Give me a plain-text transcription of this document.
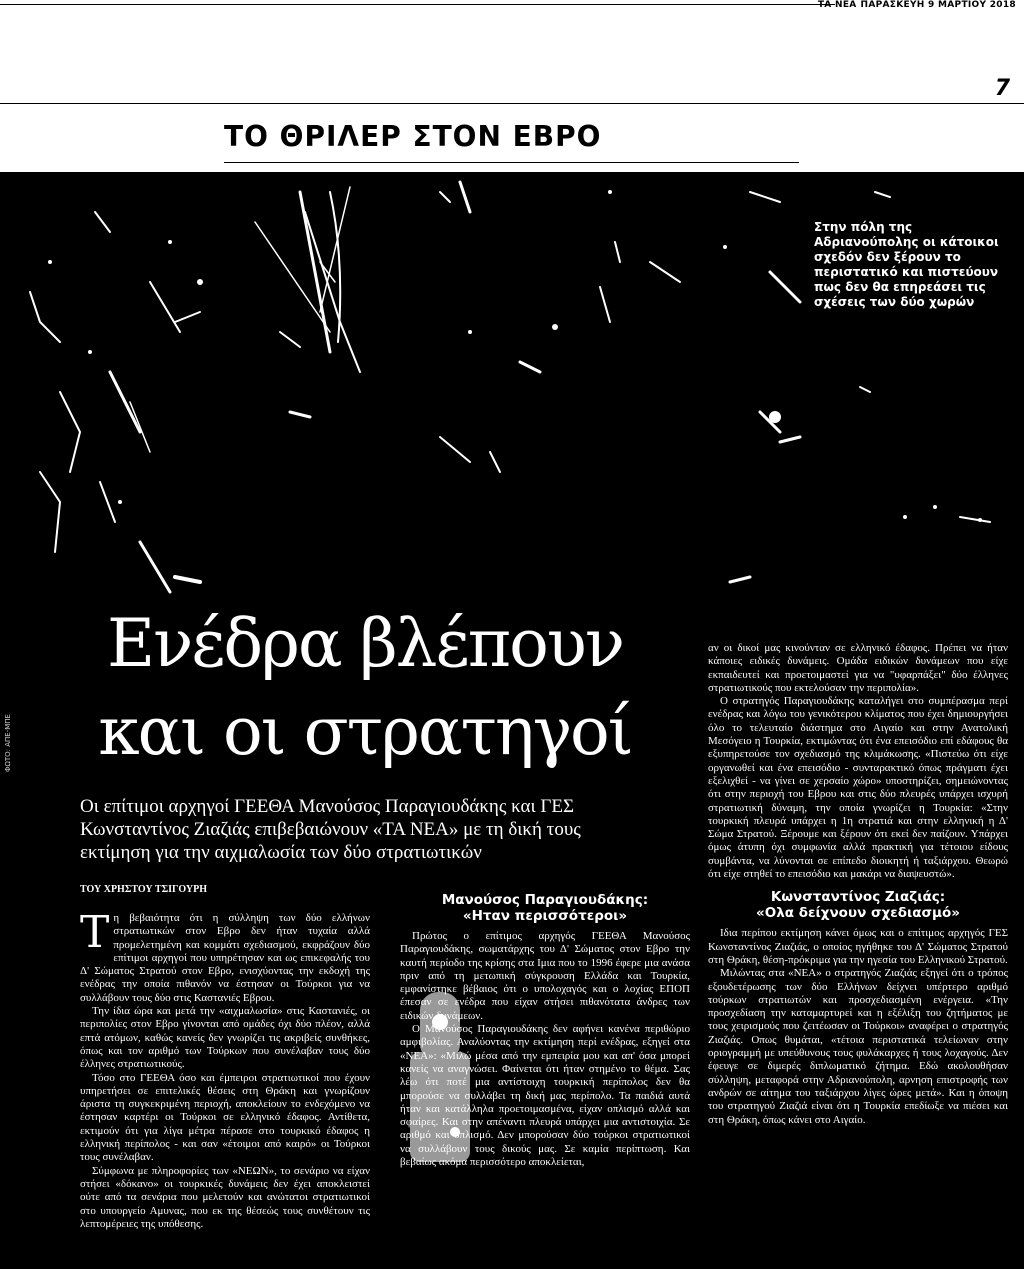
ΤΑ ΝΕΑ ΠΑΡΑΣΚΕΥΗ 9 ΜΑΡΤΙΟΥ 2018
7
ΤΟ ΘΡΙΛΕΡ ΣΤΟΝ ΕΒΡΟ
ΦΩΤΟ: ΑΠΕ-ΜΠΕ
Στην πόλη της Αδριανούπολης οι κάτοικοι σχεδόν δεν ξέρουν το περιστατικό και πιστεύουν πως δεν θα επηρεάσει τις σχέσεις των δύο χωρών
Ενέδρα βλέπουν
και οι στρατηγοί
Οι επίτιμοι αρχηγοί ΓΕΕΘΑ Μανούσος Παραγιουδάκης και ΓΕΣ Κωνσταντίνος Ζιαζιάς επιβεβαιώνουν «ΤΑ ΝΕΑ» με τη δική τους εκτίμηση για την αιχμαλωσία των δύο στρατιωτικών
ΤΟΥ ΧΡΗΣΤΟΥ ΤΣΙΓΟΥΡΗ
Τ η βεβαιότητα ότι η σύλληψη των δύο ελλήνων στρατιωτικών στον Εβρο δεν ήταν τυχαία αλλά προμελετημένη και κομμάτι σχεδιασμού, εκφράζουν δύο επίτιμοι αρχηγοί που υπηρέτησαν και ως επικεφαλής του Δ' Σώματος Στρατού στον Εβρο, ενισχύοντας την εκδοχή της ενέδρας την οποία πιθανόν να έστησαν οι Τούρκοι για να συλλάβουν τους δύο στις Καστανιές Εβρου.

Την ίδια ώρα και μετά την «αιχμαλωσία» στις Καστανιές, οι περιπολίες στον Εβρο γίνονται από ομάδες όχι δύο πλέον, αλλά επτά ατόμων, καθώς κανείς δεν γνωρίζει τις ακριβείς συνθήκες, όπως και τον αριθμό των Τούρκων που συνέλαβαν τους δύο έλληνες στρατιωτικούς.

Τόσο στο ΓΕΕΘΑ όσο και έμπειροι στρατιωτικοί που έχουν υπηρετήσει σε επιτελικές θέσεις στη Θράκη και γνωρίζουν άριστα τη συγκεκριμένη περιοχή, αποκλείουν το ενδεχόμενο να έστησαν καρτέρι οι Τούρκοι σε ελληνικό έδαφος. Αντίθετα, εκτιμούν ότι για λίγα μέτρα πέρασε στο τουρκικό έδαφος η ελληνική περίπολος - και σαν «έτοιμοι από καιρό» οι Τούρκοι τους συνέλαβαν.

Σύμφωνα με πληροφορίες των «ΝΕΩΝ», το σενάριο να είχαν στήσει «δόκανο» οι τουρκικές δυνάμεις δεν έχει αποκλειστεί ούτε από τα σενάρια που μελετούν και ανώτατοι στρατιωτικοί στο υπουργείο Αμυνας, που εκ της θέσεώς τους συνθέτουν τις λεπτομέρειες της υπόθεσης.

Μανούσος Παραγιουδάκης:
«Ηταν περισσότεροι»

Πρώτος ο επίτιμος αρχηγός ΓΕΕΘΑ Μανούσος Παραγιουδάκης, σωματάρχης του Δ' Σώματος στον Εβρο την καυτή περίοδο της κρίσης στα Ιμια που το 1996 έφερε μια ανάσα πριν από τη μετωπική σύγκρουση Ελλάδα και Τουρκία, εμφανίστηκε βέβαιος ότι ο υπολοχαγός και ο λοχίας ΕΠΟΠ έπεσαν σε ενέδρα που είχαν στήσει πιθανότατα άνδρες των ειδικών δυνάμεων.

Ο Μανούσος Παραγιουδάκης δεν αφήνει κανένα περιθώριο αμφιβολίας. Αναλύοντας την εκτίμηση περί ενέδρας, εξηγεί στα «ΝΕΑ»: «Μιλώ μέσα από την εμπειρία μου και απ' όσα μπορεί κανείς να αναγνώσει. Φαίνεται ότι ήταν στημένο το θέμα. Σας λέω ότι ποτέ μια αντίστοιχη τουρκική περίπολος δεν θα μπορούσε να συλλάβει τη δική μας περίπολο. Τα παιδιά αυτά ήταν και κατάλληλα προετοιμασμένα, είχαν οπλισμό αλλά και σφαίρες. Και στην απέναντι πλευρά υπάρχει μια αντιστοιχία. Σε αριθμό και οπλισμό. Δεν μπορούσαν δύο τούρκοι στρατιωτικοί να συλλάβουν τους δικούς μας. Σε καμία περίπτωση. Και βεβαίως ακόμα περισσότερο αποκλείεται,

αν οι δικοί μας κινούνταν σε ελληνικό έδαφος. Πρέπει να ήταν κάποιες ειδικές δυνάμεις. Ομάδα ειδικών δυνάμεων που είχε εκπαιδευτεί και προετοιμαστεί για να "υφαρπάξει" δύο έλληνες στρατιωτικούς που εκτελούσαν την περιπολία».

Ο στρατηγός Παραγιουδάκης καταλήγει στο συμπέρασμα περί ενέδρας και λόγω του γενικότερου κλίματος που έχει δημιουργήσει όλο το τελευταίο διάστημα στο Αιγαίο και στην Ανατολική Μεσόγειο η Τουρκία, εκτιμώντας ότι ένα επεισόδιο επί εδάφους θα εξυπηρετούσε τον σχεδιασμό της κλιμάκωσης. «Πιστεύω ότι είχε οργανωθεί και ένα επεισόδιο - συνταρακτικό όπως πράγματι έχει εξελιχθεί - να γίνει σε χερσαίο χώρο» υποστηρίζει, σημειώνοντας ότι στην περιοχή του Εβρου και στις δύο πλευρές υπάρχει ισχυρή στρατιωτική δύναμη, την οποία γνωρίζει η Τουρκία: «Στην τουρκική πλευρά υπάρχει η 1η στρατιά και στην ελληνική η Δ' Σώμα Στρατού. Ξέρουμε και ξέρουν ότι εκεί δεν παίζουν. Υπάρχει όμως άτυπη όχι συμφωνία αλλά πρακτική για τέτοιου είδους συμβάντα, να λύνονται σε επίπεδο διοικητή ή ταξιάρχου. Θεωρώ ότι είχε στηθεί το επεισόδιο και μακάρι να διαψευστώ».

Κωνσταντίνος Ζιαζιάς:
«Ολα δείχνουν σχεδιασμό»

Ιδια περίπου εκτίμηση κάνει όμως και ο επίτιμος αρχηγός ΓΕΣ Κωνσταντίνος Ζιαζιάς, ο οποίος ηγήθηκε του Δ' Σώματος Στρατού στη Θράκη, θέση-πρόκριμα για την ηγεσία του Ελληνικού Στρατού.

Μιλώντας στα «ΝΕΑ» ο στρατηγός Ζιαζιάς εξηγεί ότι ο τρόπος εξουδετέρωσης των δύο Ελλήνων δείχνει υπέρτερο αριθμό τούρκων στρατιωτών και προσχεδιασμένη ενέργεια. «Την προσχεδίαση την καταμαρτυρεί και η εξέλιξη του ζητήματος με τους χειρισμούς που ζειτέωσαν οι Τούρκοι» αναφέρει ο στρατηγός Ζιαζιάς. Οπως θυμάται, «τέτοια περιστατικά τελείωναν στην οριογραμμή με υπεύθυνους τους φυλάκαρχες ή τους λοχαγούς. Δεν έφευγε σε διμερές διπλωματικό ζήτημα. Εδώ ακολουθήσαν σύλληψη, μεταφορά στην Αδριανούπολη, αρνηση επιστροφής των ανδρών σε αίτημα του ταξιάρχου λίγες ώρες μετά». Και η όποψη του στρατηγού Ζιαζιά είναι ότι η Τουρκία επεδίωξε να πιέσει και στη Θράκη, όπως κάνει στο Αιγαίο.
